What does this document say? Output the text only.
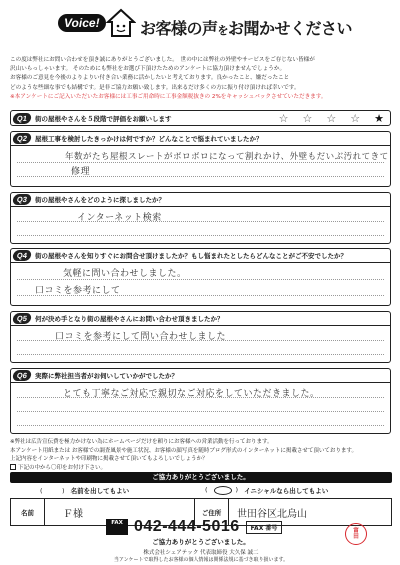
Voice!	お客様の声をお聞かせください

この度は弊社にお問い合わせを頂き誠にありがとうございました。　世の中には弊社の外壁やサービスをご存じない皆様が

沢山いらっしゃいます。 そのためにも弊社をお選び下頂けたためのアンケートに協力頂けませんでしょうか。

お客様のご意見を今後のよりよりい付き合い業務に活かしたいと考えております。良かったこと、嫌だったこと

どのような些細な事でも結構です。是非ご協力お願い致します。出来るだけ多くの方に振り付け頂ければ幸いです。

※本アンケートにご記入いただいたお客様には工事ご用命時に工事金額税抜きの 2%をキャッシュバックさせていただきます。

Q1	街の屋根やさんを５段階で評価をお願いします	☆ ☆ ☆ ☆ ★
Q2	屋根工事を検討したきっかけは何ですか？どんなことで悩まれていましたか？
年数がたち屋根スレートがボロボロになって割れかけ、外壁もだいぶ汚れてきて
修理
Q3	街の屋根やさんをどのように探しましたか？
インターネット検索
Q4	街の屋根やさんを知りすぐにお問合せ頂けましたか？もし悩まれたとしたらどんなことがご不安でしたか？
気軽に問い合わせしました。
口コミを参考にして
Q5	何が決め手となり街の屋根やさんにお問い合わせ頂きましたか？
口コミを参考にして問い合わせしました
Q6	実際に弊社担当者がお伺いしていかがでしたか？
とても丁寧なご対応で親切なご対応をしていただきました。

※弊社は広告宣伝費を極力かけない為にホームページだけを頼りにお客様への営業活動を行っております。

本アンケート用紙または お客様での調査風景や施工状況、お客様の顔写真を随時ブログ形式のインターネットに掲載させて頂いております。

上記内容をインターネットや印刷物に掲載させて頂いてもよろしいでしょうか？

下記の中から〇印をお付け下さい。

ご協力ありがとうございました。
(　　　) 名前を出してもよい	( ○ ) イニシャルなら出してもよい
名前	Ｆ様	ご住所	世田谷区北烏山
FAX 042-444-5016	FAX 番号	富
田
ご協力ありがとうございました。
株式会社シェアテック 代表取締役 大久保 誠二
当アンケートで取得したお客様の個人情報は関係法規に基づき取り扱います。
